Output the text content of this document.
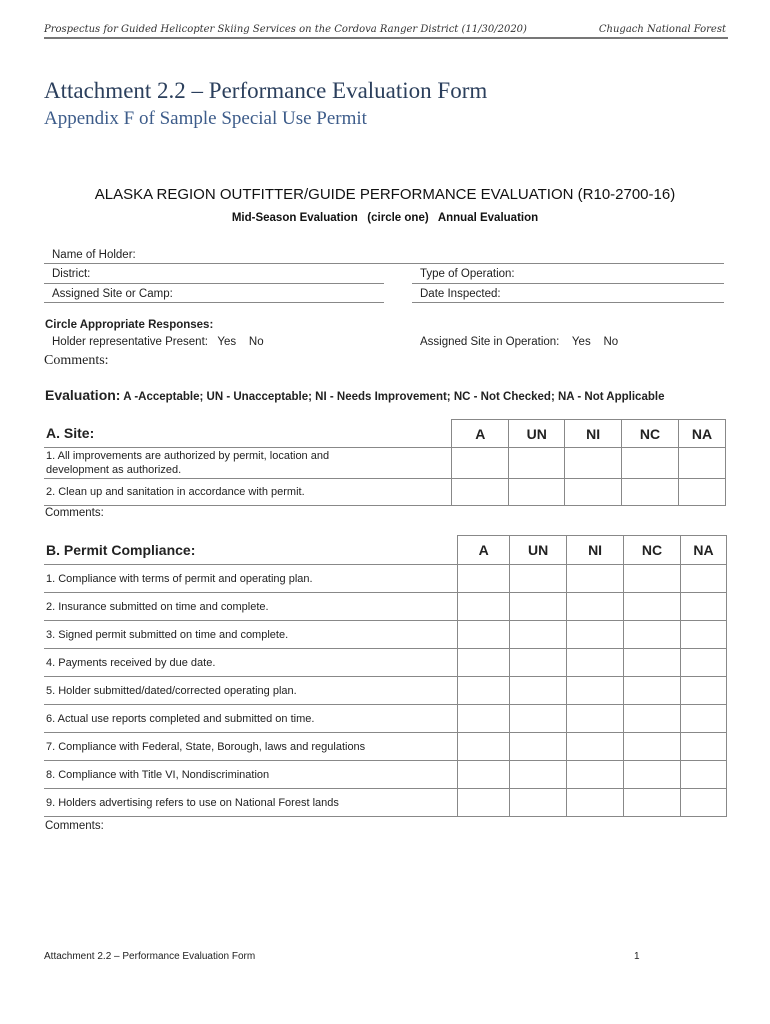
Prospectus for Guided Helicopter Skiing Services on the Cordova Ranger District (11/30/2020)	Chugach National Forest
Attachment 2.2 – Performance Evaluation Form
Appendix F of Sample Special Use Permit
ALASKA REGION OUTFITTER/GUIDE PERFORMANCE EVALUATION (R10-2700-16)
Mid-Season Evaluation   (circle one)   Annual Evaluation
Name of Holder:
District:	Type of Operation:
Assigned Site or Camp:	Date Inspected:
Circle Appropriate Responses:
Holder representative Present:   Yes    No	Assigned Site in Operation:    Yes    No
Comments:
Evaluation: A -Acceptable; UN - Unacceptable; NI - Needs Improvement; NC - Not Checked; NA - Not Applicable
A. Site:	A	UN	NI	NC	NA

1. All improvements are authorized by permit, location and development as authorized.					

2. Clean up and sanitation in accordance with permit.					
Comments:
B. Permit Compliance:	A	UN	NI	NC	NA
1. Compliance with terms of permit and operating plan.					
2. Insurance submitted on time and complete.					
3. Signed permit submitted on time and complete.					
4. Payments received by due date.					
5. Holder submitted/dated/corrected operating plan.					
6. Actual use reports completed and submitted on time.					
7. Compliance with Federal, State, Borough, laws and regulations					
8. Compliance with Title VI, Nondiscrimination					
9. Holders advertising refers to use on National Forest lands					
Comments:
Attachment 2.2 – Performance Evaluation Form	1
